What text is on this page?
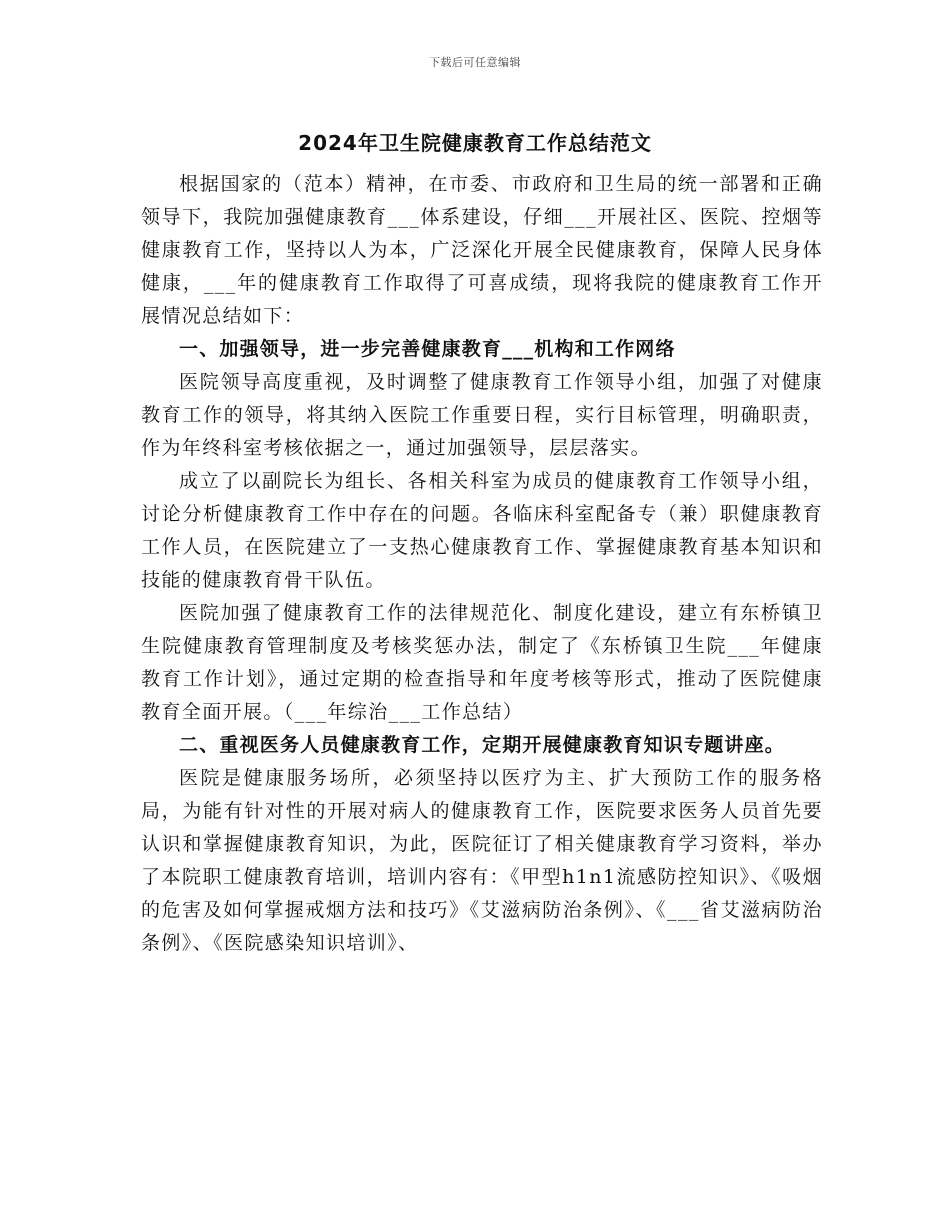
下载后可任意编辑
2024年卫生院健康教育工作总结范文

根据国家的（范本）精神，在市委、市政府和卫生局的统一部署和正确领导下，我院加强健康教育___体系建设，仔细___开展社区、医院、控烟等健康教育工作，坚持以人为本，广泛深化开展全民健康教育，保障人民身体健康，___年的健康教育工作取得了可喜成绩，现将我院的健康教育工作开展情况总结如下：

一、加强领导，进一步完善健康教育___机构和工作网络

医院领导高度重视，及时调整了健康教育工作领导小组，加强了对健康教育工作的领导，将其纳入医院工作重要日程，实行目标管理，明确职责，作为年终科室考核依据之一，通过加强领导，层层落实。

成立了以副院长为组长、各相关科室为成员的健康教育工作领导小组，讨论分析健康教育工作中存在的问题。各临床科室配备专（兼）职健康教育工作人员，在医院建立了一支热心健康教育工作、掌握健康教育基本知识和技能的健康教育骨干队伍。

医院加强了健康教育工作的法律规范化、制度化建设，建立有东桥镇卫生院健康教育管理制度及考核奖惩办法，制定了《东桥镇卫生院___年健康教育工作计划》，通过定期的检查指导和年度考核等形式，推动了医院健康教育全面开展。（___年综治___工作总结）

二、重视医务人员健康教育工作，定期开展健康教育知识专题讲座。

医院是健康服务场所，必须坚持以医疗为主、扩大预防工作的服务格局，为能有针对性的开展对病人的健康教育工作，医院要求医务人员首先要认识和掌握健康教育知识，为此，医院征订了相关健康教育学习资料，举办了本院职工健康教育培训，培训内容有：《甲型h1n1流感防控知识》、《吸烟的危害及如何掌握戒烟方法和技巧》《艾滋病防治条例》、《___省艾滋病防治条例》、《医院感染知识培训》、
